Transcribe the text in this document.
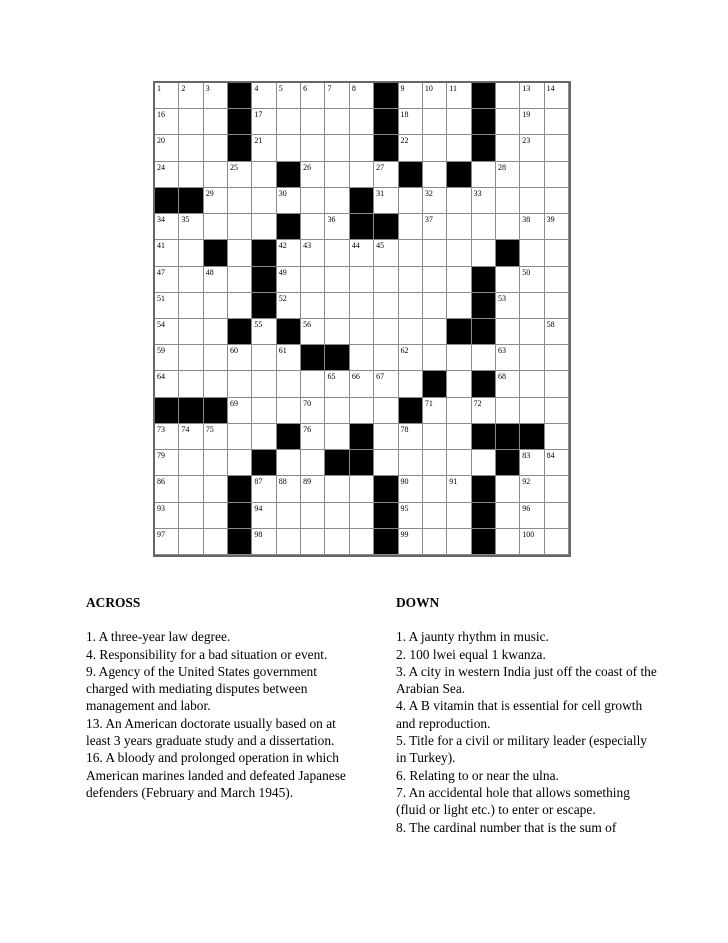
1	2	3	4	5	6	7	8	9	10 11	13 14
16	17	18	19
20	21	22	23
24	25	26	27	28
29	30	31	32	33
34 35	36	37	38 39
41	42 43	44 45
47	48	49	50
51	52	53
54	55	56	58
59	60	61	62	63
64	65 66 67	68
69	70	71	72
73 74 75	76	78
79	83 84
86	87 88 89	90	91	92
93	94	95	96
97	98	99	100
ACROSS

1. A three-year law degree.

4. Responsibility for a bad situation or event.

9. Agency of the United States government charged with mediating disputes between management and labor.

13. An American doctorate usually based on at least 3 years graduate study and a dissertation.

16. A bloody and prolonged operation in which American marines landed and defeated Japanese defenders (February and March 1945).

DOWN

1. A jaunty rhythm in music.

2. 100 lwei equal 1 kwanza.

3. A city in western India just off the coast of the Arabian Sea.

4. A B vitamin that is essential for cell growth and reproduction.

5. Title for a civil or military leader (especially in Turkey).

6. Relating to or near the ulna.

7. An accidental hole that allows something (fluid or light etc.) to enter or escape.

8. The cardinal number that is the sum of
